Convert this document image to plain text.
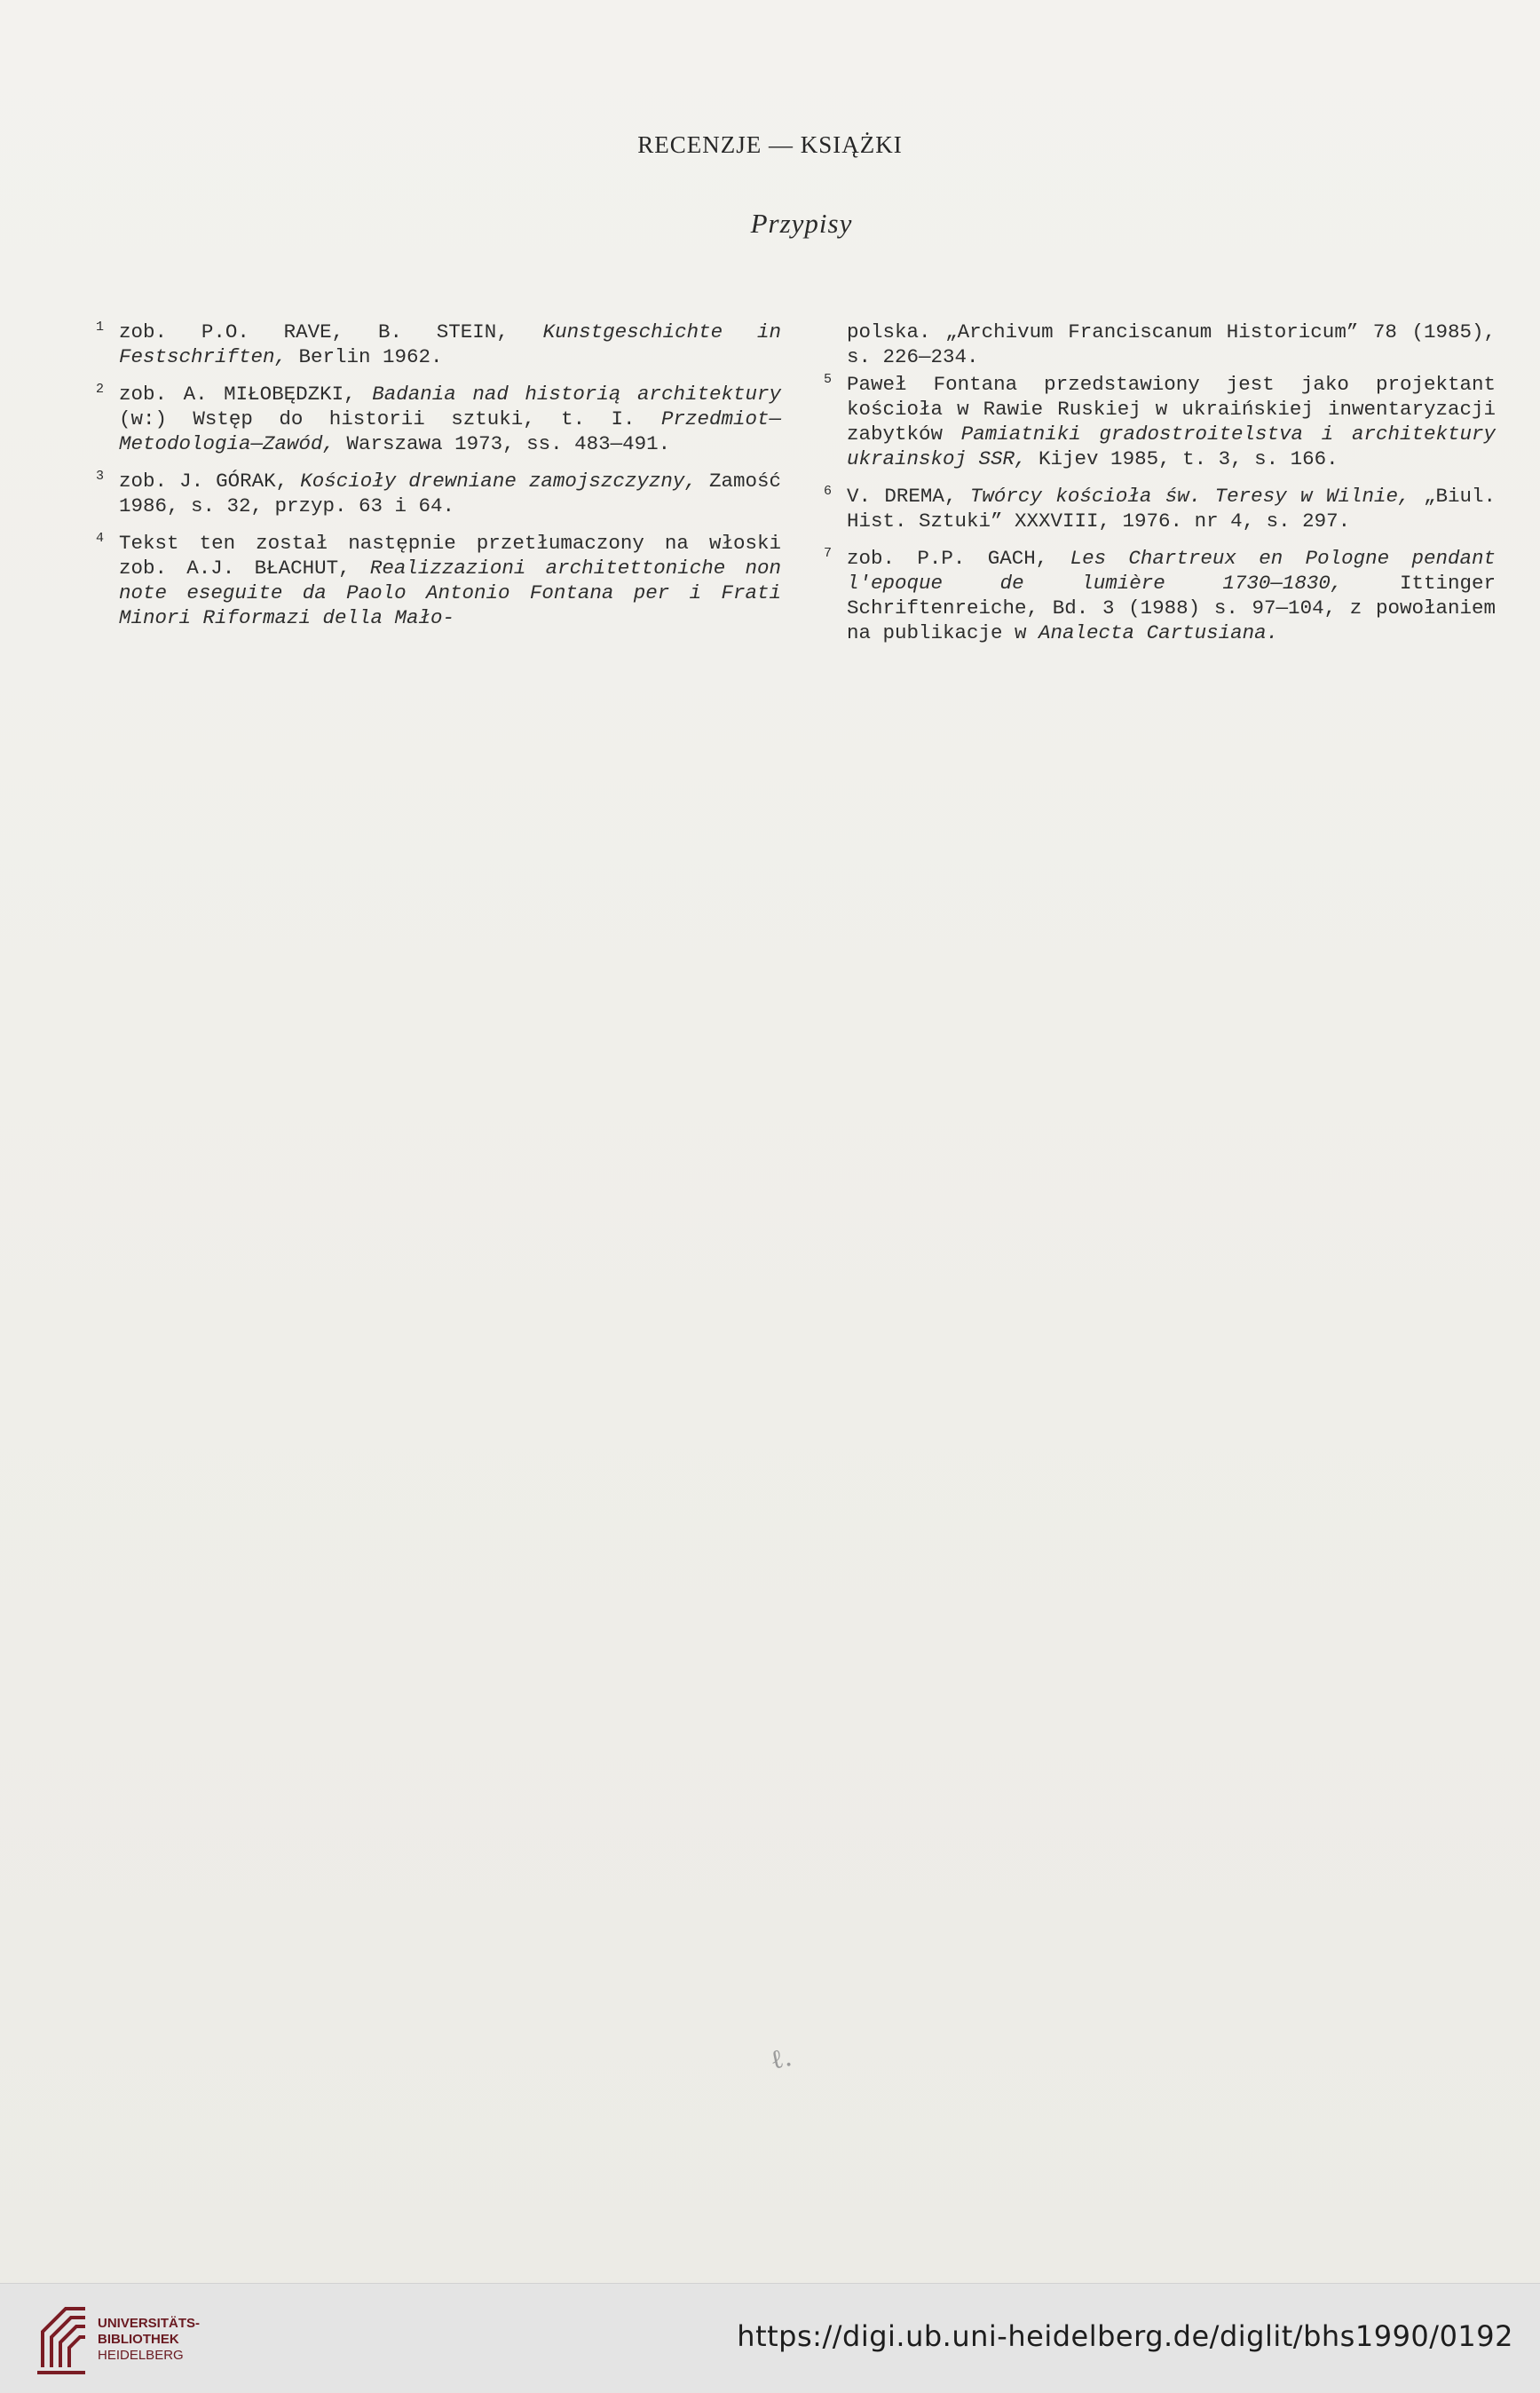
RECENZJE — KSIĄŻKI
Przypisy
1 zob. P.O. RAVE, B. STEIN, Kunstgeschichte in Festschriften, Berlin 1962.
2 zob. A. MIŁOBĘDZKI, Badania nad historią architektury (w:) Wstęp do historii sztuki, t. I. Przedmiot—Metodologia—Zawód, Warszawa 1973, ss. 483—491.
3 zob. J. GÓRAK, Kościoły drewniane zamojszczyzny, Zamość 1986, s. 32, przyp. 63 i 64.
4 Tekst ten został następnie przetłumaczony na włoski zob. A.J. BŁACHUT, Realizzazioni architettoniche non note eseguite da Paolo Antonio Fontana per i Frati Minori Riformazi della Mało-
polska. „Archivum Franciscanum Historicum” 78 (1985), s. 226—234.
5 Paweł Fontana przedstawiony jest jako projektant kościoła w Rawie Ruskiej w ukraińskiej inwentaryzacji zabytków Pamiatniki gradostroitelstva i architektury ukrainskoj SSR, Kijev 1985, t. 3, s. 166.
6 V. DREMA, Twórcy kościoła św. Teresy w Wilnie, „Biul. Hist. Sztuki” XXXVIII, 1976. nr 4, s. 297.
7 zob. P.P. GACH, Les Chartreux en Pologne pendant l'epoque de lumière 1730—1830, Ittinger Schriftenreiche, Bd. 3 (1988) s. 97—104, z powołaniem na publikacje w Analecta Cartusiana.
ℓ.
UNIVERSITÄTS-
BIBLIOTHEK
HEIDELBERG
https://digi.ub.uni-heidelberg.de/diglit/bhs1990/0192
